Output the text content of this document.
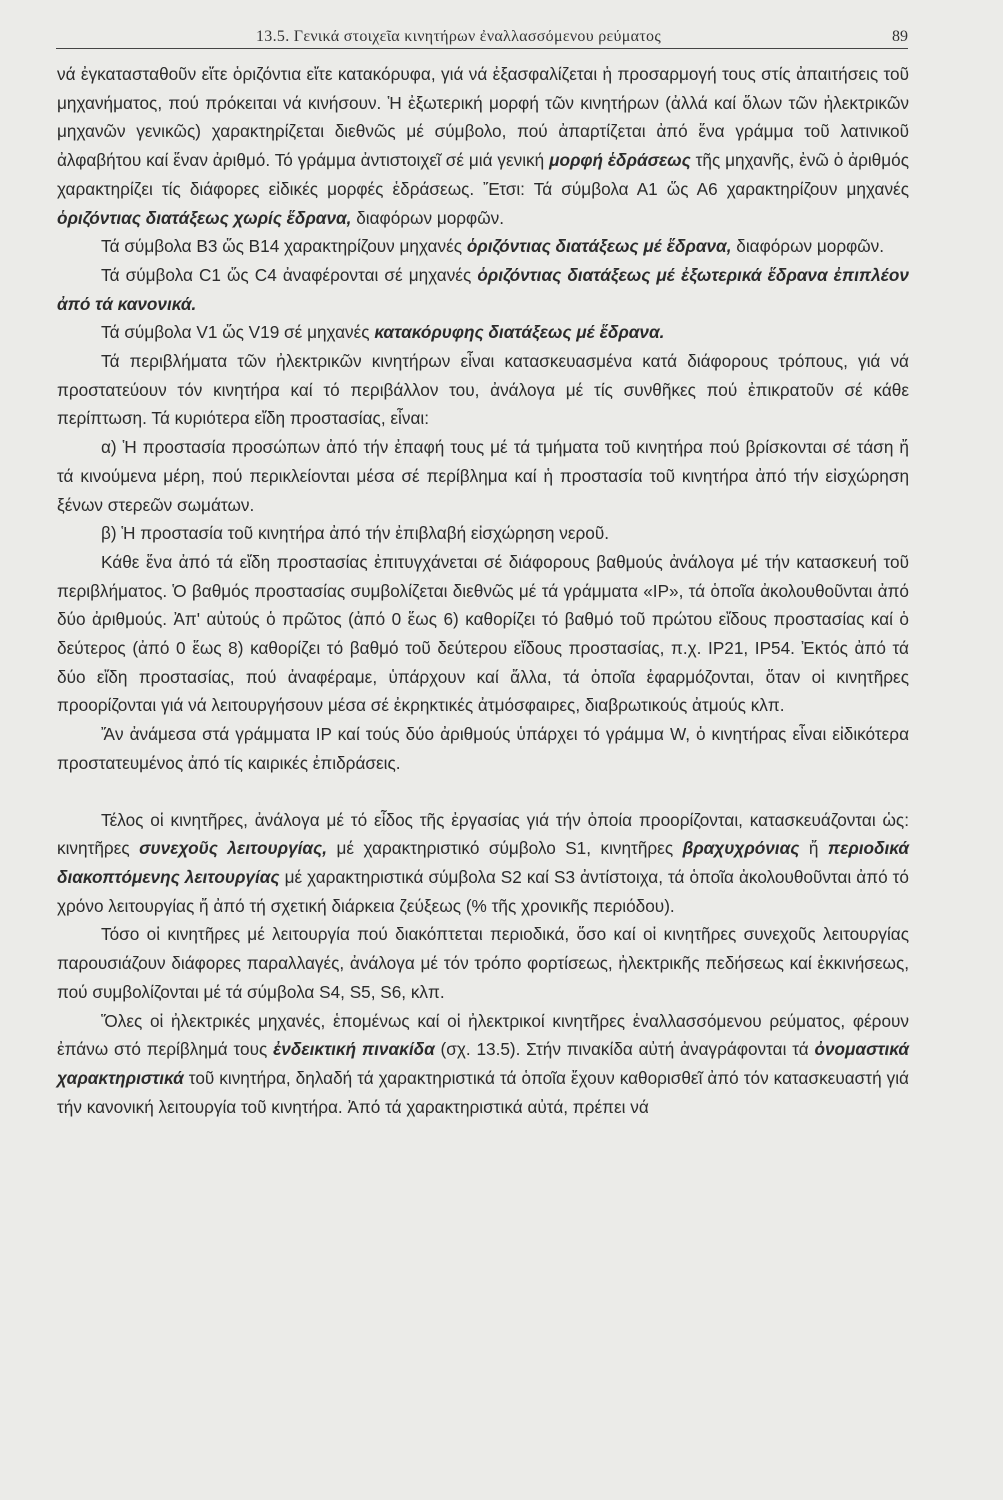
13.5. Γενικά στοιχεῖα κινητήρων ἐναλλασσόμενου ρεύματος	89

νά ἐγκατασταθοῦν εἴτε ὁριζόντια εἴτε κατακόρυφα, γιά νά ἐξασφαλίζεται ἡ προσαρμογή τους στίς ἀπαιτήσεις τοῦ μηχανήματος, πού πρόκειται νά κινήσουν. Ἡ ἐξωτερική μορφή τῶν κινητήρων (ἀλλά καί ὅλων τῶν ἠλεκτρικῶν μηχανῶν γενικῶς) χαρακτηρίζεται διεθνῶς μέ σύμβολο, πού ἀπαρτίζεται ἀπό ἕνα γράμμα τοῦ λατινικοῦ ἀλφαβήτου καί ἕναν ἀριθμό. Τό γράμμα ἀντιστοιχεῖ σέ μιά γενική μορφή ἑδράσεως τῆς μηχανῆς, ἐνῶ ὁ ἀριθμός χαρακτηρίζει τίς διάφορες εἰδικές μορφές ἑδράσεως. Ἔτσι: Τά σύμβολα Α1 ὥς Α6 χαρακτηρίζουν μηχανές ὁριζόντιας διατάξεως χωρίς ἕδρανα, διαφόρων μορφῶν.

Τά σύμβολα Β3 ὥς Β14 χαρακτηρίζουν μηχανές ὁριζόντιας διατάξεως μέ ἕδρανα, διαφόρων μορφῶν.

Τά σύμβολα C1 ὥς C4 ἀναφέρονται σέ μηχανές ὁριζόντιας διατάξεως μέ ἐξωτερικά ἕδρανα ἐπιπλέον ἀπό τά κανονικά.

Τά σύμβολα V1 ὥς V19 σέ μηχανές κατακόρυφης διατάξεως μέ ἕδρανα.

Τά περιβλήματα τῶν ἠλεκτρικῶν κινητήρων εἶναι κατασκευασμένα κατά διάφορους τρόπους, γιά νά προστατεύουν τόν κινητήρα καί τό περιβάλλον του, ἀνάλογα μέ τίς συνθῆκες πού ἐπικρατοῦν σέ κάθε περίπτωση. Τά κυριότερα εἴδη προστασίας, εἶναι:

α) Ἡ προστασία προσώπων ἀπό τήν ἐπαφή τους μέ τά τμήματα τοῦ κινητήρα πού βρίσκονται σέ τάση ἤ τά κινούμενα μέρη, πού περικλείονται μέσα σέ περίβλημα καί ἡ προστασία τοῦ κινητήρα ἀπό τήν εἰσχώρηση ξένων στερεῶν σωμάτων.

β) Ἡ προστασία τοῦ κινητήρα ἀπό τήν ἐπιβλαβή εἰσχώρηση νεροῦ.

Κάθε ἕνα ἀπό τά εἴδη προστασίας ἐπιτυγχάνεται σέ διάφορους βαθμούς ἀνάλογα μέ τήν κατασκευή τοῦ περιβλήματος. Ὁ βαθμός προστασίας συμβολίζεται διεθνῶς μέ τά γράμματα «IP», τά ὁποῖα ἀκολουθοῦνται ἀπό δύο ἀριθμούς. Ἀπ' αὐτούς ὁ πρῶτος (ἀπό 0 ἕως 6) καθορίζει τό βαθμό τοῦ πρώτου εἴδους προστασίας καί ὁ δεύτερος (ἀπό 0 ἕως 8) καθορίζει τό βαθμό τοῦ δεύτερου εἴδους προστασίας, π.χ. IP21, IP54. Ἐκτός ἀπό τά δύο εἴδη προστασίας, πού ἀναφέραμε, ὑπάρχουν καί ἄλλα, τά ὁποῖα ἐφαρμόζονται, ὅταν οἱ κινητῆρες προορίζονται γιά νά λειτουργήσουν μέσα σέ ἐκρηκτικές ἀτμόσφαιρες, διαβρωτικούς ἀτμούς κλπ.

Ἄν ἀνάμεσα στά γράμματα IP καί τούς δύο ἀριθμούς ὑπάρχει τό γράμμα W, ὁ κινητήρας εἶναι εἰδικότερα προστατευμένος ἀπό τίς καιρικές ἐπιδράσεις.

Τέλος οἱ κινητῆρες, ἀνάλογα μέ τό εἶδος τῆς ἐργασίας γιά τήν ὁποία προορίζονται, κατασκευάζονται ὡς: κινητῆρες συνεχοῦς λειτουργίας, μέ χαρακτηριστικό σύμβολο S1, κινητῆρες βραχυχρόνιας ἤ περιοδικά διακοπτόμενης λειτουργίας μέ χαρακτηριστικά σύμβολα S2 καί S3 ἀντίστοιχα, τά ὁποῖα ἀκολουθοῦνται ἀπό τό χρόνο λειτουργίας ἤ ἀπό τή σχετική διάρκεια ζεύξεως (% τῆς χρονικῆς περιόδου).

Τόσο οἱ κινητῆρες μέ λειτουργία πού διακόπτεται περιοδικά, ὅσο καί οἱ κινητῆρες συνεχοῦς λειτουργίας παρουσιάζουν διάφορες παραλλαγές, ἀνάλογα μέ τόν τρόπο φορτίσεως, ἠλεκτρικῆς πεδήσεως καί ἐκκινήσεως, πού συμβολίζονται μέ τά σύμβολα S4, S5, S6, κλπ.

Ὅλες οἱ ἠλεκτρικές μηχανές, ἑπομένως καί οἱ ἠλεκτρικοί κινητῆρες ἐναλλασσόμενου ρεύματος, φέρουν ἐπάνω στό περίβλημά τους ἐνδεικτική πινακίδα (σχ. 13.5). Στήν πινακίδα αὐτή ἀναγράφονται τά ὀνομαστικά χαρακτηριστικά τοῦ κινητήρα, δηλαδή τά χαρακτηριστικά τά ὁποῖα ἔχουν καθορισθεῖ ἀπό τόν κατασκευαστή γιά τήν κανονική λειτουργία τοῦ κινητήρα. Ἀπό τά χαρακτηριστικά αὐτά, πρέπει νά
